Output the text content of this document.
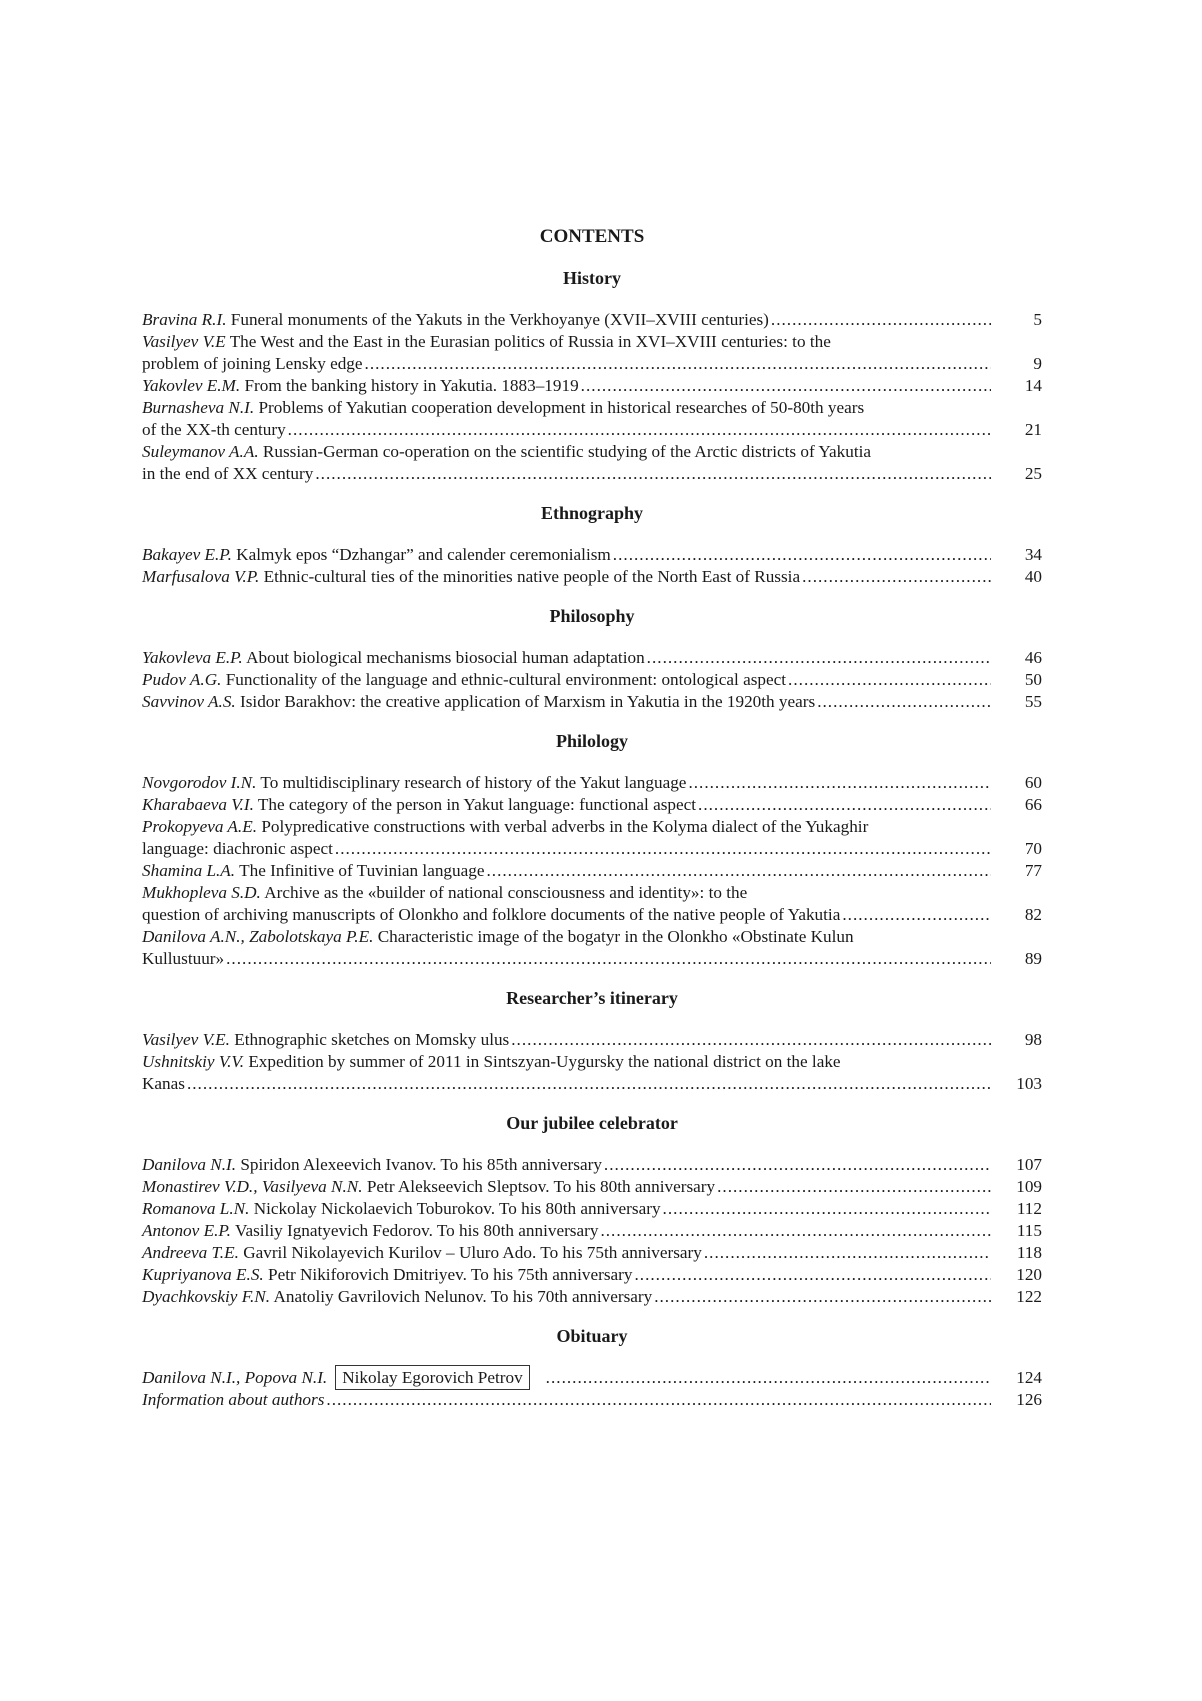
CONTENTS
History
Bravina R.I. Funeral monuments of the Yakuts in the Verkhoyanye (XVII–XVIII centuries) .....	5
Vasilyev V.E The West and the East in the Eurasian politics of Russia in XVI–XVIII centuries: to the
problem of joining Lensky edge .....	9
Yakovlev E.M. From the banking history in Yakutia. 1883–1919 .....	14
Burnasheva N.I. Problems of Yakutian cooperation development in historical researches of 50-80th years
of the XX-th century .....	21
Suleymanov A.A. Russian-German co-operation on the scientific studying of the Arctic districts of Yakutia
in the end of XX century .....	25
Ethnography
Bakayev E.P. Kalmyk epos “Dzhangar” and calender ceremonialism .....	34
Marfusalova V.P. Ethnic-cultural ties of the minorities native people of the North East of Russia .....	40
Philosophy
Yakovleva E.P. About biological mechanisms biosocial human adaptation .....	46
Pudov A.G. Functionality of the language and ethnic-cultural environment: ontological aspect .....	50
Savvinov A.S. Isidor Barakhov: the creative application of Marxism in Yakutia in the 1920th years .....	55
Philology
Novgorodov I.N. To multidisciplinary research of history of the Yakut language .....	60
Kharabaeva V.I. The category of the person in Yakut language: functional aspect .....	66
Prokopyeva A.E. Polypredicative constructions with verbal adverbs in the Kolyma dialect of the Yukaghir
language: diachronic aspect .....	70
Shamina L.A. The Infinitive of Tuvinian language .....	77
Mukhopleva S.D. Archive as the «builder of national consciousness and identity»: to the
question of archiving manuscripts of Olonkho and folklore documents of the native people of Yakutia .....	82
Danilova A.N., Zabolotskaya P.E. Characteristic image of the bogatyr in the Olonkho «Obstinate Kulun
Kullustuur» .....	89
Researcher’s itinerary
Vasilyev V.E. Ethnographic sketches on Momsky ulus .....	98
Ushnitskiy V.V. Expedition by summer of 2011 in Sintszyan-Uygursky the national district on the lake
Kanas .....	103
Our jubilee celebrator
Danilova N.I. Spiridon Alexeevich Ivanov. To his 85th anniversary .....	107
Monastirev V.D., Vasilyeva N.N. Petr Alekseevich Sleptsov. To his 80th anniversary .....	109
Romanova L.N. Nickolay Nickolaevich Toburokov. To his 80th anniversary .....	112
Antonov E.P. Vasiliy Ignatyevich Fedorov. To his 80th anniversary .....	115
Andreeva T.E. Gavril Nikolayevich Kurilov – Uluro Ado. To his 75th anniversary .....	118
Kupriyanova E.S. Petr Nikiforovich Dmitriyev. To his 75th anniversary .....	120
Dyachkovskiy F.N. Anatoliy Gavrilovich Nelunov. To his 70th anniversary .....	122
Obituary
Danilova N.I., Popova N.I. Nikolay Egorovich Petrov .....	124
Information about authors .....	126
